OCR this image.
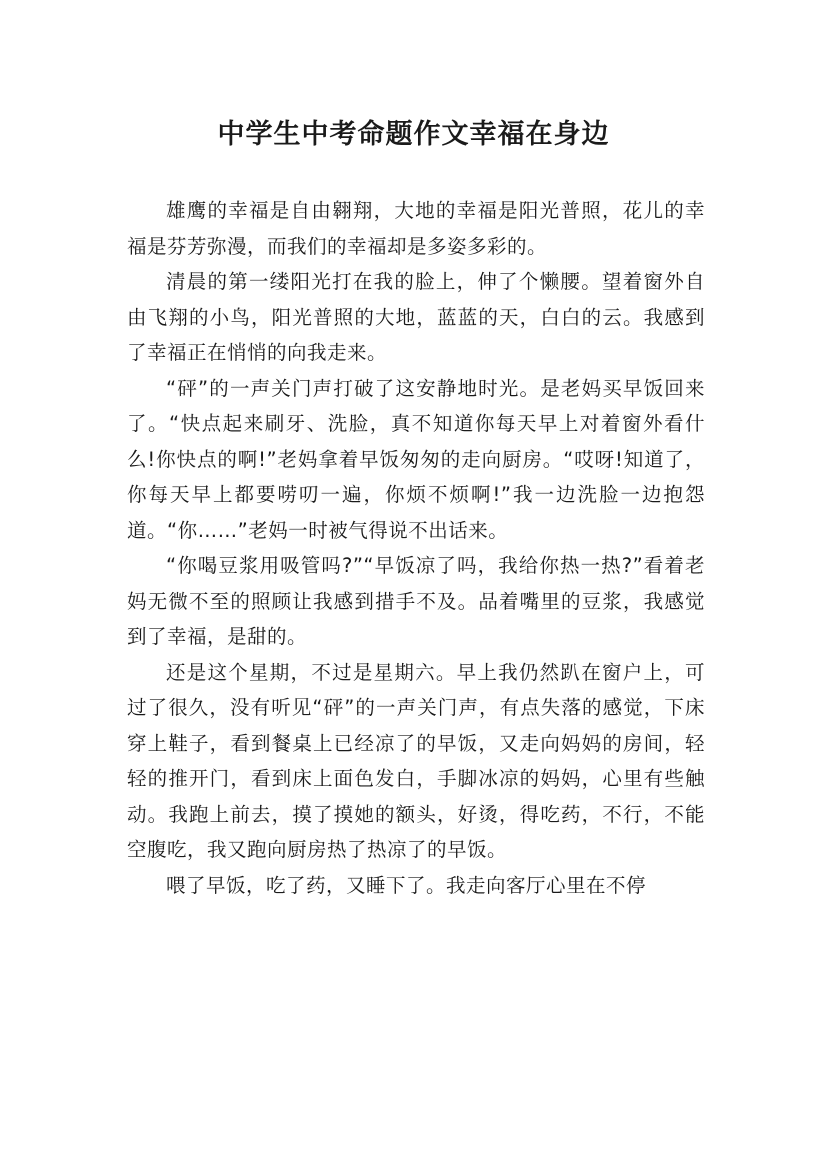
中学生中考命题作文幸福在身边

雄鹰的幸福是自由翱翔，大地的幸福是阳光普照，花儿的幸福是芬芳弥漫，而我们的幸福却是多姿多彩的。

清晨的第一缕阳光打在我的脸上，伸了个懒腰。望着窗外自由飞翔的小鸟，阳光普照的大地，蓝蓝的天，白白的云。我感到了幸福正在悄悄的向我走来。

“砰”的一声关门声打破了这安静地时光。是老妈买早饭回来了。“快点起来刷牙、洗脸，真不知道你每天早上对着窗外看什么!你快点的啊!”老妈拿着早饭匆匆的走向厨房。“哎呀!知道了，你每天早上都要唠叨一遍，你烦不烦啊!”我一边洗脸一边抱怨道。“你……”老妈一时被气得说不出话来。

“你喝豆浆用吸管吗?”“早饭凉了吗，我给你热一热?”看着老妈无微不至的照顾让我感到措手不及。品着嘴里的豆浆，我感觉到了幸福，是甜的。

还是这个星期，不过是星期六。早上我仍然趴在窗户上，可过了很久，没有听见“砰”的一声关门声，有点失落的感觉，下床穿上鞋子，看到餐桌上已经凉了的早饭，又走向妈妈的房间，轻轻的推开门，看到床上面色发白，手脚冰凉的妈妈，心里有些触动。我跑上前去，摸了摸她的额头，好烫，得吃药，不行，不能空腹吃，我又跑向厨房热了热凉了的早饭。

喂了早饭，吃了药，又睡下了。我走向客厅心里在不停
